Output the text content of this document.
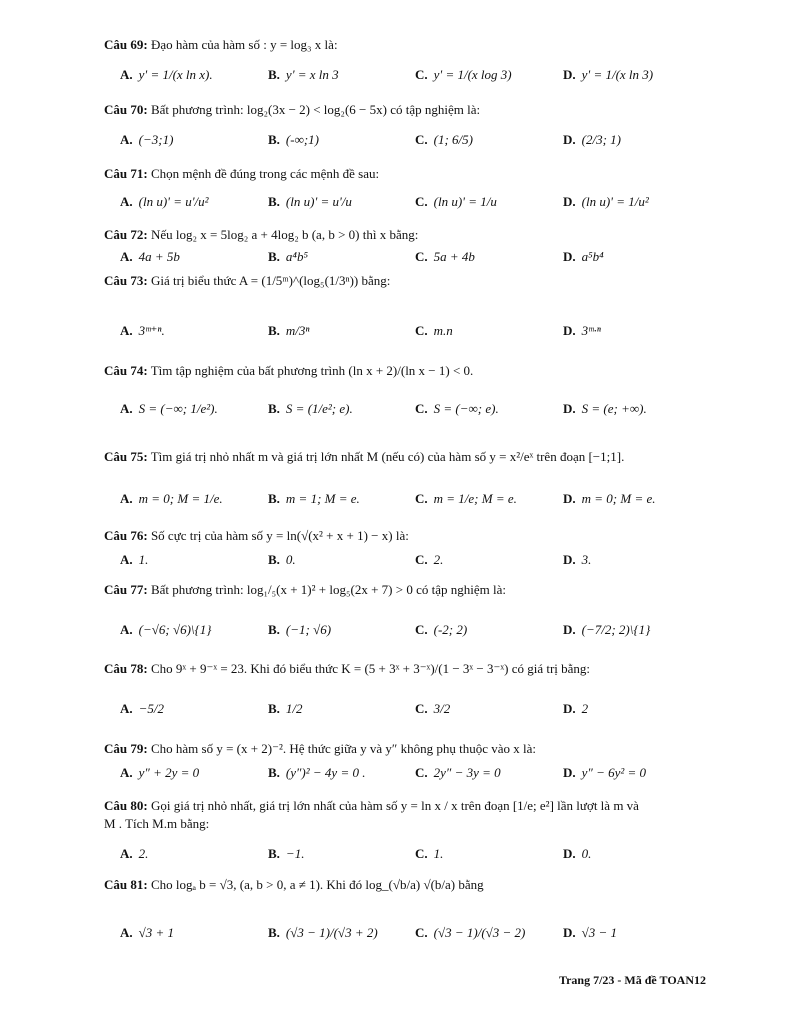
Câu 69: Đạo hàm của hàm số : y = log₃ x là:
A. y' = 1/(x ln x).	B. y' = x ln 3	C. y' = 1/(x log 3)	D. y' = 1/(x ln 3)
Câu 70: Bất phương trình: log₂(3x − 2) < log₂(6 − 5x) có tập nghiệm là:
A. (−3;1)	B. (-∞;1)	C. (1; 6/5)	D. (2/3; 1)
Câu 71: Chọn mệnh đề đúng trong các mệnh đề sau:
A. (ln u)' = u'/u²	B. (ln u)' = u'/u	C. (ln u)' = 1/u	D. (ln u)' = 1/u²
Câu 72: Nếu log₂ x = 5log₂ a + 4log₂ b (a, b > 0) thì x bằng:
A. 4a + 5b	B. a⁴b⁵	C. 5a + 4b	D. a⁵b⁴
Câu 73: Giá trị biểu thức A = (1/5ᵐ)^(log₅(1/3ⁿ)) bằng:
A. 3ᵐ⁺ⁿ.	B. m/3ⁿ	C. m.n	D. 3ᵐ·ⁿ
Câu 74: Tìm tập nghiệm của bất phương trình (ln x + 2)/(ln x − 1) < 0.
A. S = (−∞; 1/e²).	B. S = (1/e²; e).	C. S = (−∞; e).	D. S = (e; +∞).
Câu 75: Tìm giá trị nhỏ nhất m và giá trị lớn nhất M (nếu có) của hàm số y = x²/eˣ trên đoạn [−1;1].
A. m = 0; M = 1/e.	B. m = 1; M = e.	C. m = 1/e; M = e.	D. m = 0; M = e.
Câu 76: Số cực trị của hàm số y = ln(√(x² + x + 1) − x) là:
A. 1.	B. 0.	C. 2.	D. 3.
Câu 77: Bất phương trình: log₁/₅(x + 1)² + log₅(2x + 7) > 0 có tập nghiệm là:
A. (−√6; √6)\{1}	B. (−1; √6)	C. (-2; 2)	D. (−7/2; 2)\{1}
Câu 78: Cho 9ˣ + 9⁻ˣ = 23. Khi đó biểu thức K = (5 + 3ˣ + 3⁻ˣ)/(1 − 3ˣ − 3⁻ˣ) có giá trị bằng:
A. −5/2	B. 1/2	C. 3/2	D. 2
Câu 79: Cho hàm số y = (x + 2)⁻². Hệ thức giữa y và y″ không phụ thuộc vào x là:
A. y″ + 2y = 0	B. (y″)² − 4y = 0 .	C. 2y″ − 3y = 0	D. y″ − 6y² = 0
Câu 80: Gọi giá trị nhỏ nhất, giá trị lớn nhất của hàm số y = ln x / x trên đoạn [1/e; e²] lần lượt là m và
M . Tích M.m bằng:
A. 2.	B. −1.	C. 1.	D. 0.
Câu 81: Cho logₐ b = √3, (a, b > 0, a ≠ 1). Khi đó log_(√b/a) √(b/a) bằng
A. √3 + 1	B. (√3 − 1)/(√3 + 2)	C. (√3 − 1)/(√3 − 2)	D. √3 − 1
Trang 7/23 - Mã đề TOAN12
